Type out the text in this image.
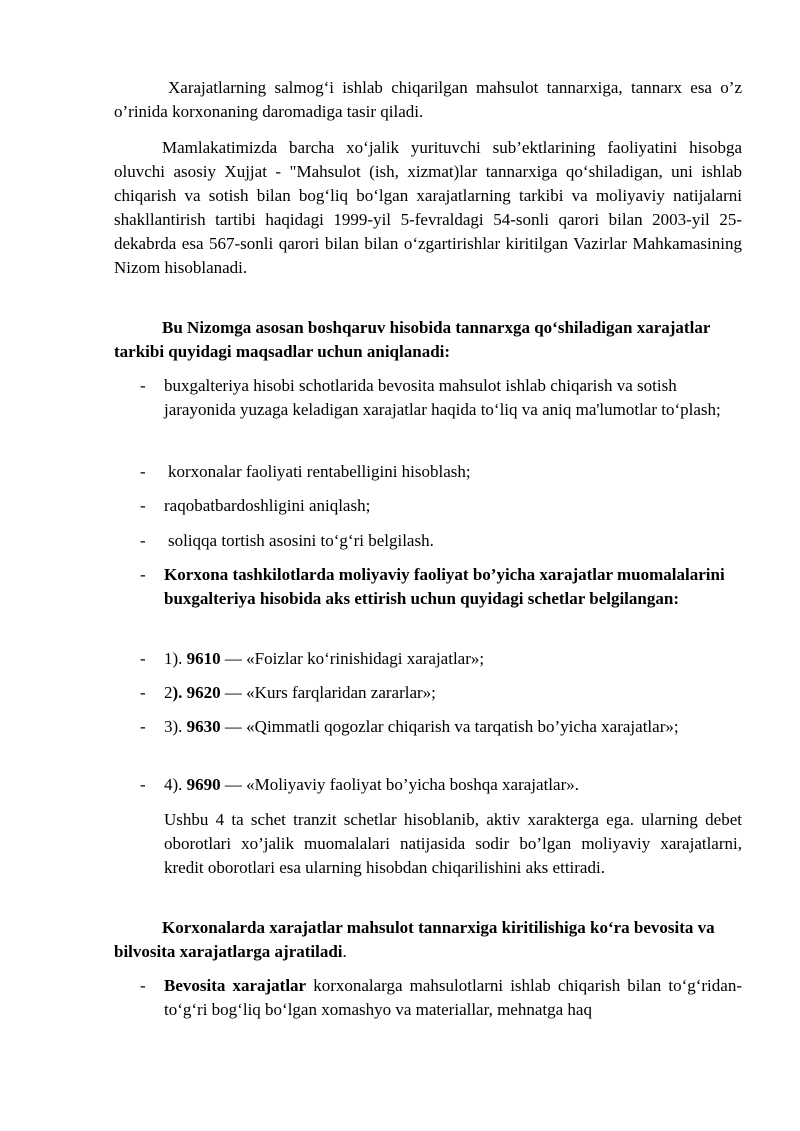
Xarajatlarning salmog‘i ishlab chiqarilgan mahsulot tannarxiga, tannarx esa o’z o’rinida korxonaning daromadiga tasir qiladi.
Mamlakatimizda barcha xo‘jalik yurituvchi sub’ektlarining faoliyatini hisobga oluvchi asosiy Xujjat - "Mahsulot (ish, xizmat)lar tannarxiga qo‘shiladigan, uni ishlab chiqarish va sotish bilan bog‘liq bo‘lgan xarajatlarning tarkibi va moliyaviy natijalarni shakllantirish tartibi haqidagi 1999-yil 5-fevraldagi 54-sonli qarori bilan 2003-yil 25-dekabrda esa 567-sonli qarori bilan bilan o‘zgartirishlar kiritilgan Vazirlar Mahkamasining Nizom hisoblanadi.
Bu Nizomga asosan boshqaruv hisobida tannarxga qo‘shiladigan xarajatlar tarkibi quyidagi maqsadlar uchun aniqlanadi:
-	buxgalteriya hisobi schotlarida bevosita mahsulot ishlab chiqarish va sotish jarayonida yuzaga keladigan xarajatlar haqida to‘liq va aniq ma'lumotlar to‘plash;
-	korxonalar faoliyati rentabelligini hisoblash;
-	raqobatbardoshligini aniqlash;
-	soliqqa tortish asosini to‘g‘ri belgilash.
-	Korxona tashkilotlarda moliyaviy faoliyat bo’yicha xarajatlar muomalalarini buxgalteriya hisobida aks ettirish uchun quyidagi schetlar belgilangan:
-	1). 9610 — «Foizlar ko‘rinishidagi xarajatlar»;
-	2). 9620 — «Kurs farqlaridan zararlar»;
-	3). 9630 — «Qimmatli qogozlar chiqarish va tarqatish bo’yicha xarajatlar»;
-	4). 9690 — «Moliyaviy faoliyat bo’yicha boshqa xarajatlar».
Ushbu 4 ta schet tranzit schetlar hisoblanib, aktiv xarakterga ega. ularning debet oborotlari xo’jalik muomalalari natijasida sodir bo’lgan moliyaviy xarajatlarni, kredit oborotlari esa ularning hisobdan chiqarilishini aks ettiradi.
Korxonalarda xarajatlar mahsulot tannarxiga kiritilishiga ko‘ra bevosita va bilvosita xarajatlarga ajratiladi.
-	Bevosita xarajatlar korxonalarga mahsulotlarni ishlab chiqarish bilan to‘g‘ridan-to‘g‘ri bog‘liq bo‘lgan xomashyo va materiallar, mehnatga haq
